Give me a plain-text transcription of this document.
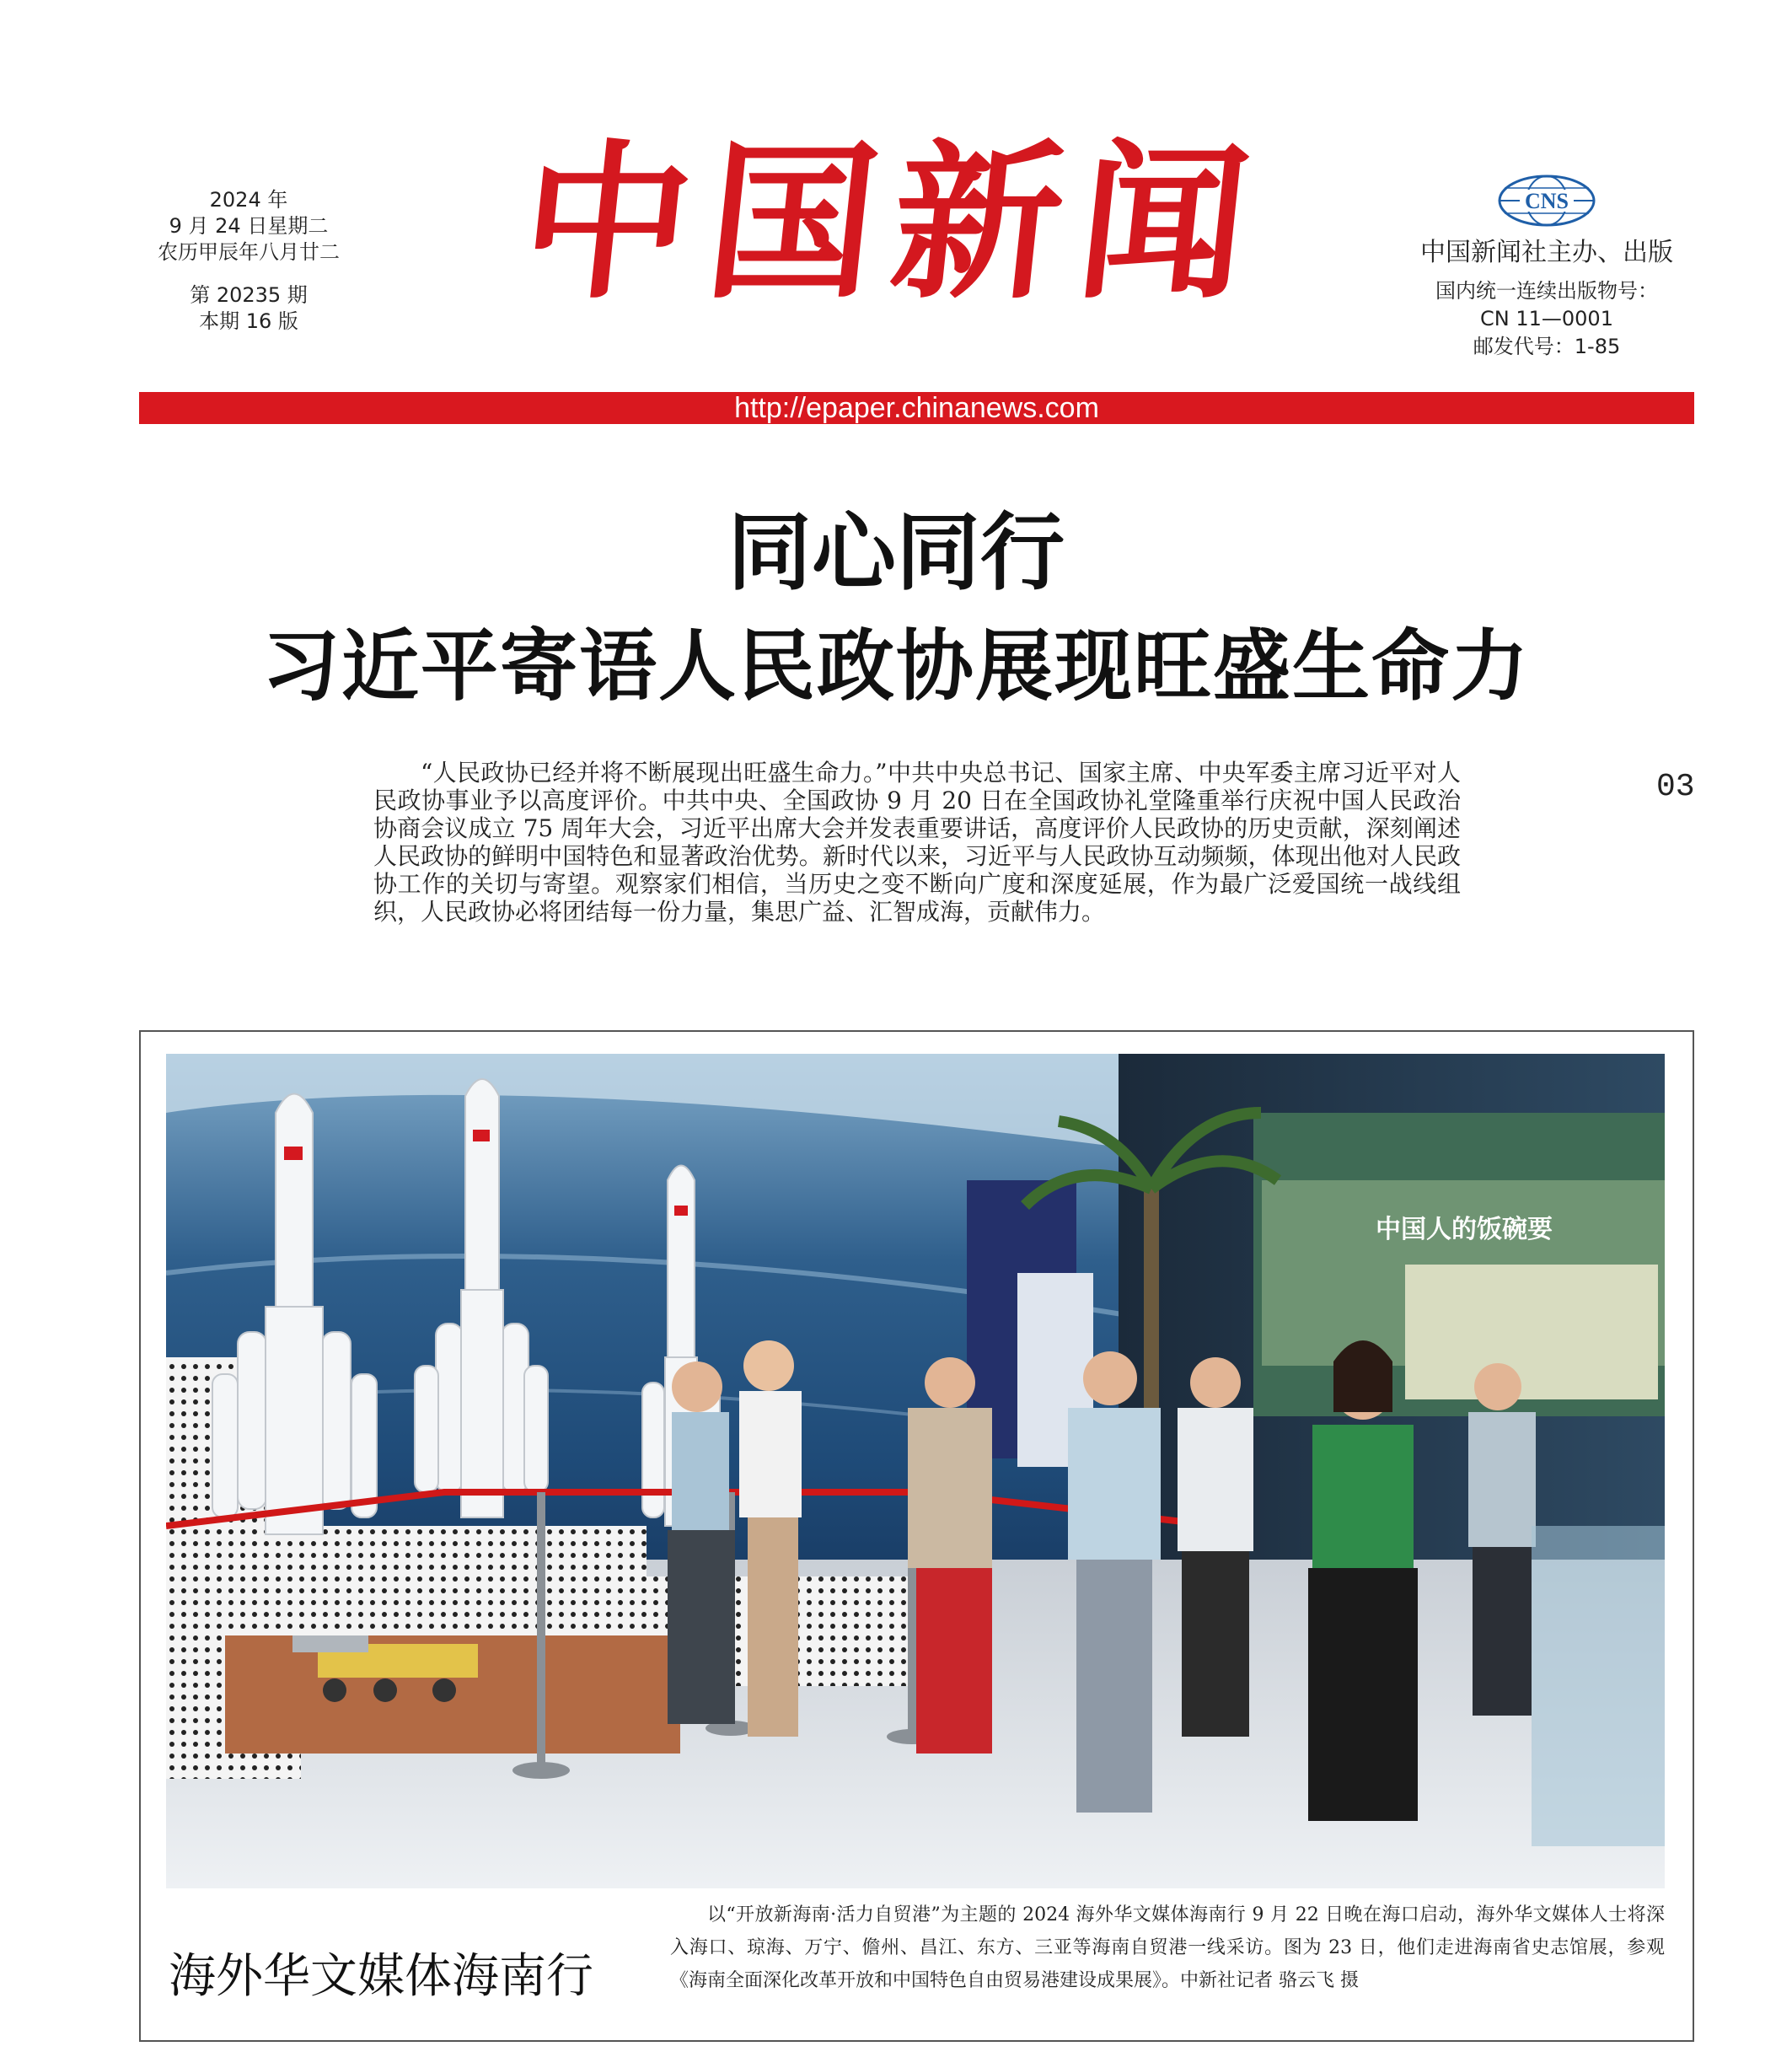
2024 年
9 月 24 日星期二
农历甲辰年八月廿二
第 20235 期
本期 16 版	中国新闻	CNS
中国新闻社主办、出版
国内统一连续出版物号：
CN 11—0001
邮发代号：1-85
http://epaper.chinanews.com
同心同行
习近平寄语人民政协展现旺盛生命力
“人民政协已经并将不断展现出旺盛生命力。”中共中央总书记、国家主席、中央军委主席习近平对人民政协事业予以高度评价。中共中央、全国政协 9 月 20 日在全国政协礼堂隆重举行庆祝中国人民政治协商会议成立 75 周年大会，习近平出席大会并发表重要讲话，高度评价人民政协的历史贡献，深刻阐述人民政协的鲜明中国特色和显著政治优势。新时代以来，习近平与人民政协互动频频，体现出他对人民政协工作的关切与寄望。观察家们相信，当历史之变不断向广度和深度延展，作为最广泛爱国统一战线组织，人民政协必将团结每一份力量，集思广益、汇智成海，贡献伟力。
03
中国人的饭碗要
海外华文媒体海南行
以“开放新海南·活力自贸港”为主题的 2024 海外华文媒体海南行 9 月 22 日晚在海口启动，海外华文媒体人士将深入海口、琼海、万宁、儋州、昌江、东方、三亚等海南自贸港一线采访。图为 23 日，他们走进海南省史志馆展，参观《海南全面深化改革开放和中国特色自由贸易港建设成果展》。中新社记者 骆云飞 摄
